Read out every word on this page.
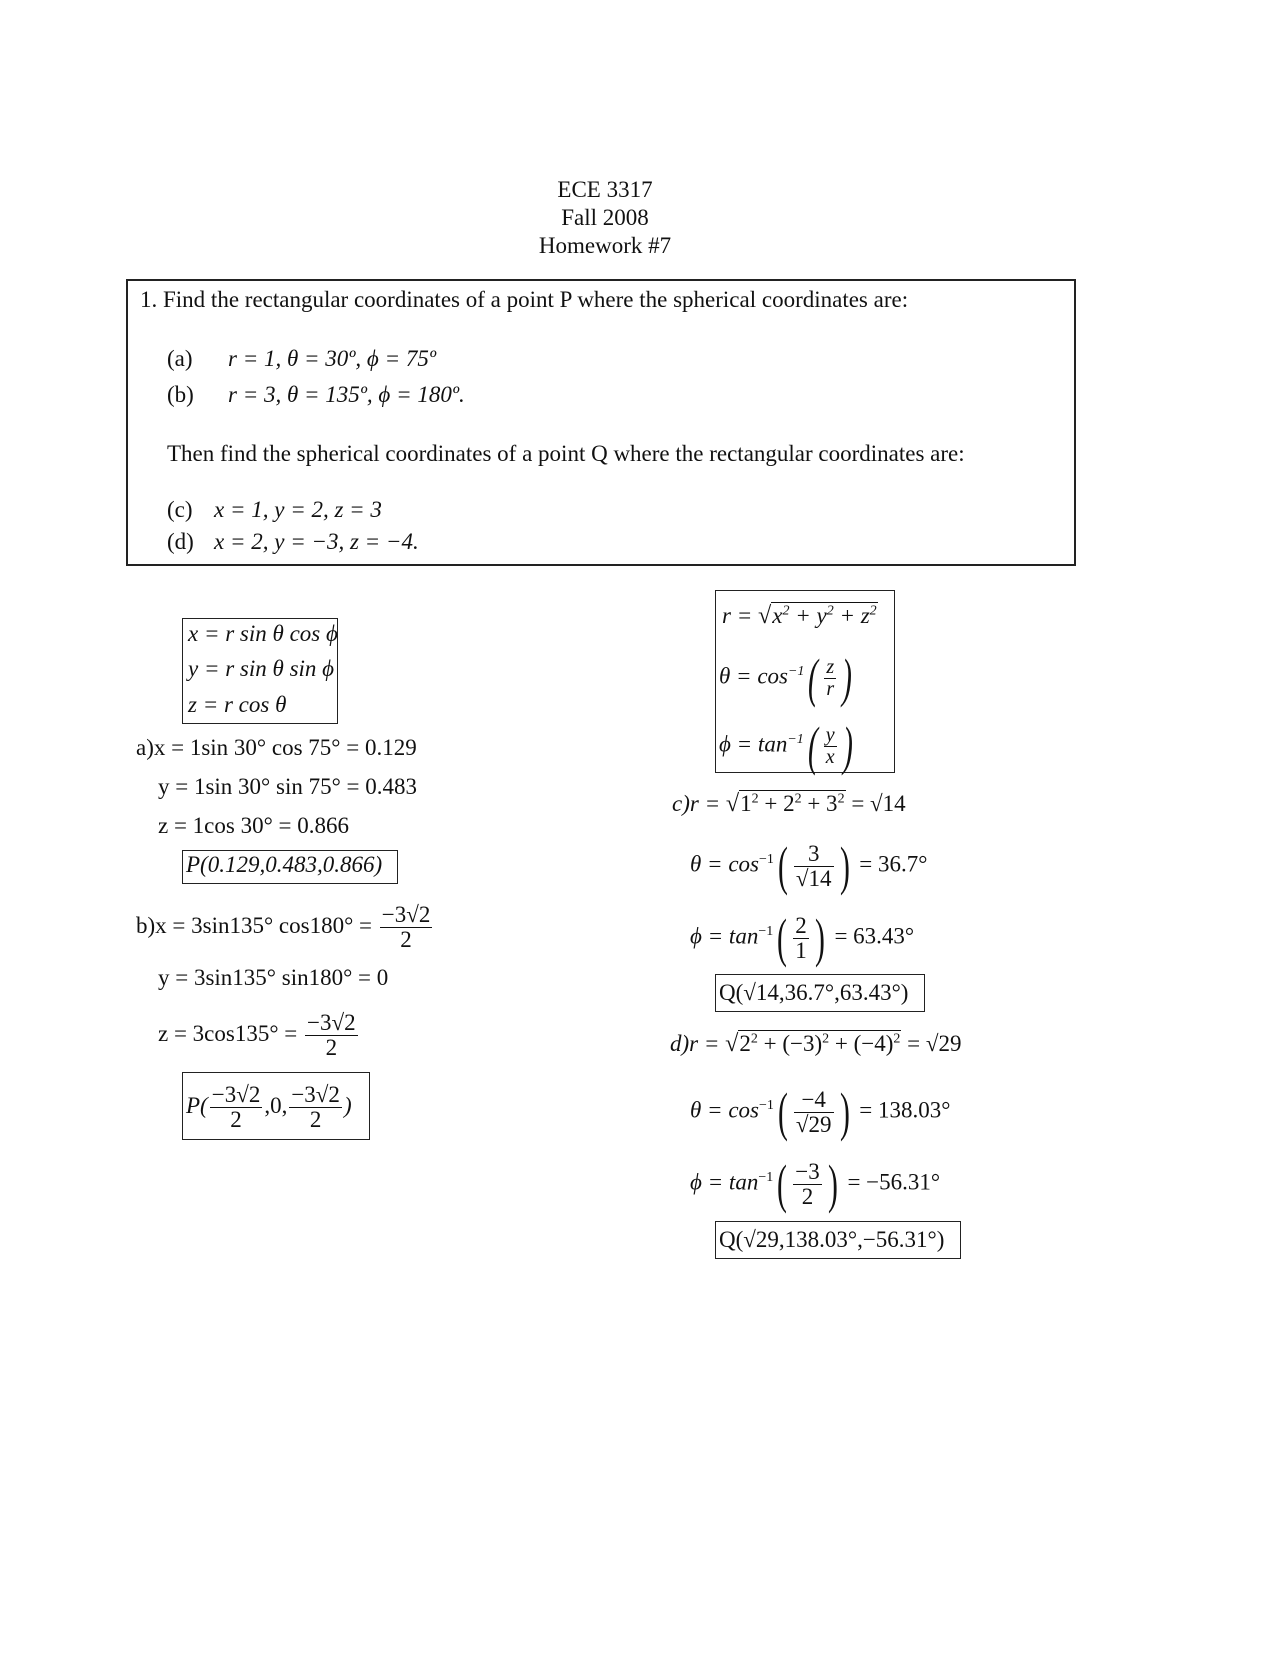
ECE 3317
Fall 2008
Homework #7
1. Find the rectangular coordinates of a point P where the spherical coordinates are:
(a) r = 1, θ = 30º, ϕ = 75º
(b) r = 3, θ = 135º, ϕ = 180º.
Then find the spherical coordinates of a point Q where the rectangular coordinates are:
(c) x = 1, y = 2, z = 3
(d) x = 2, y = −3, z = −4.
x = r sin θ cos ϕ
y = r sin θ sin ϕ
z = r cos θ
$r = √x^2 + y^2 + z^2$
$\theta = \cos^{-1}( \frac{z}{r}$ )
$\phi = \tan^{-1}( \frac{y}{x}$ )
a)x = 1sin 30° cos 75° = 0.129
y = 1sin 30° sin 75° = 0.483
z = 1cos 30° = 0.866
P(0.129,0.483,0.866)
b)x = 3sin135° $\cos 180^\circ = \frac{-3√2}{2}$
y = 3sin135° sin180° = 0
$z = 3\cos 135^\circ = \frac{-3√2}{2}$
$P( \frac{-3√2}{2} ,0$, $\frac{-3√2}{2}$ )
$c)r = √1^2 + 2^2 + 3^2 = √14$
$\theta = \cos^{-1}( \frac{3}{√14}$ ) = 36.7°
$\phi = \tan^{-1}( \frac{2}{1}$ ) = 63.43°
Q(√14,36.7°,63.43°)
$d)r = √2^2 + (-3)^2 + (-4)^2 = √29$
$\theta = \cos^{-1}( \frac{-4}{√29}$ ) = 138.03°
$\phi = \tan^{-1}( \frac{-3}{2}$ ) = −56.31°
Q(√29,138.03°,−56.31°)
